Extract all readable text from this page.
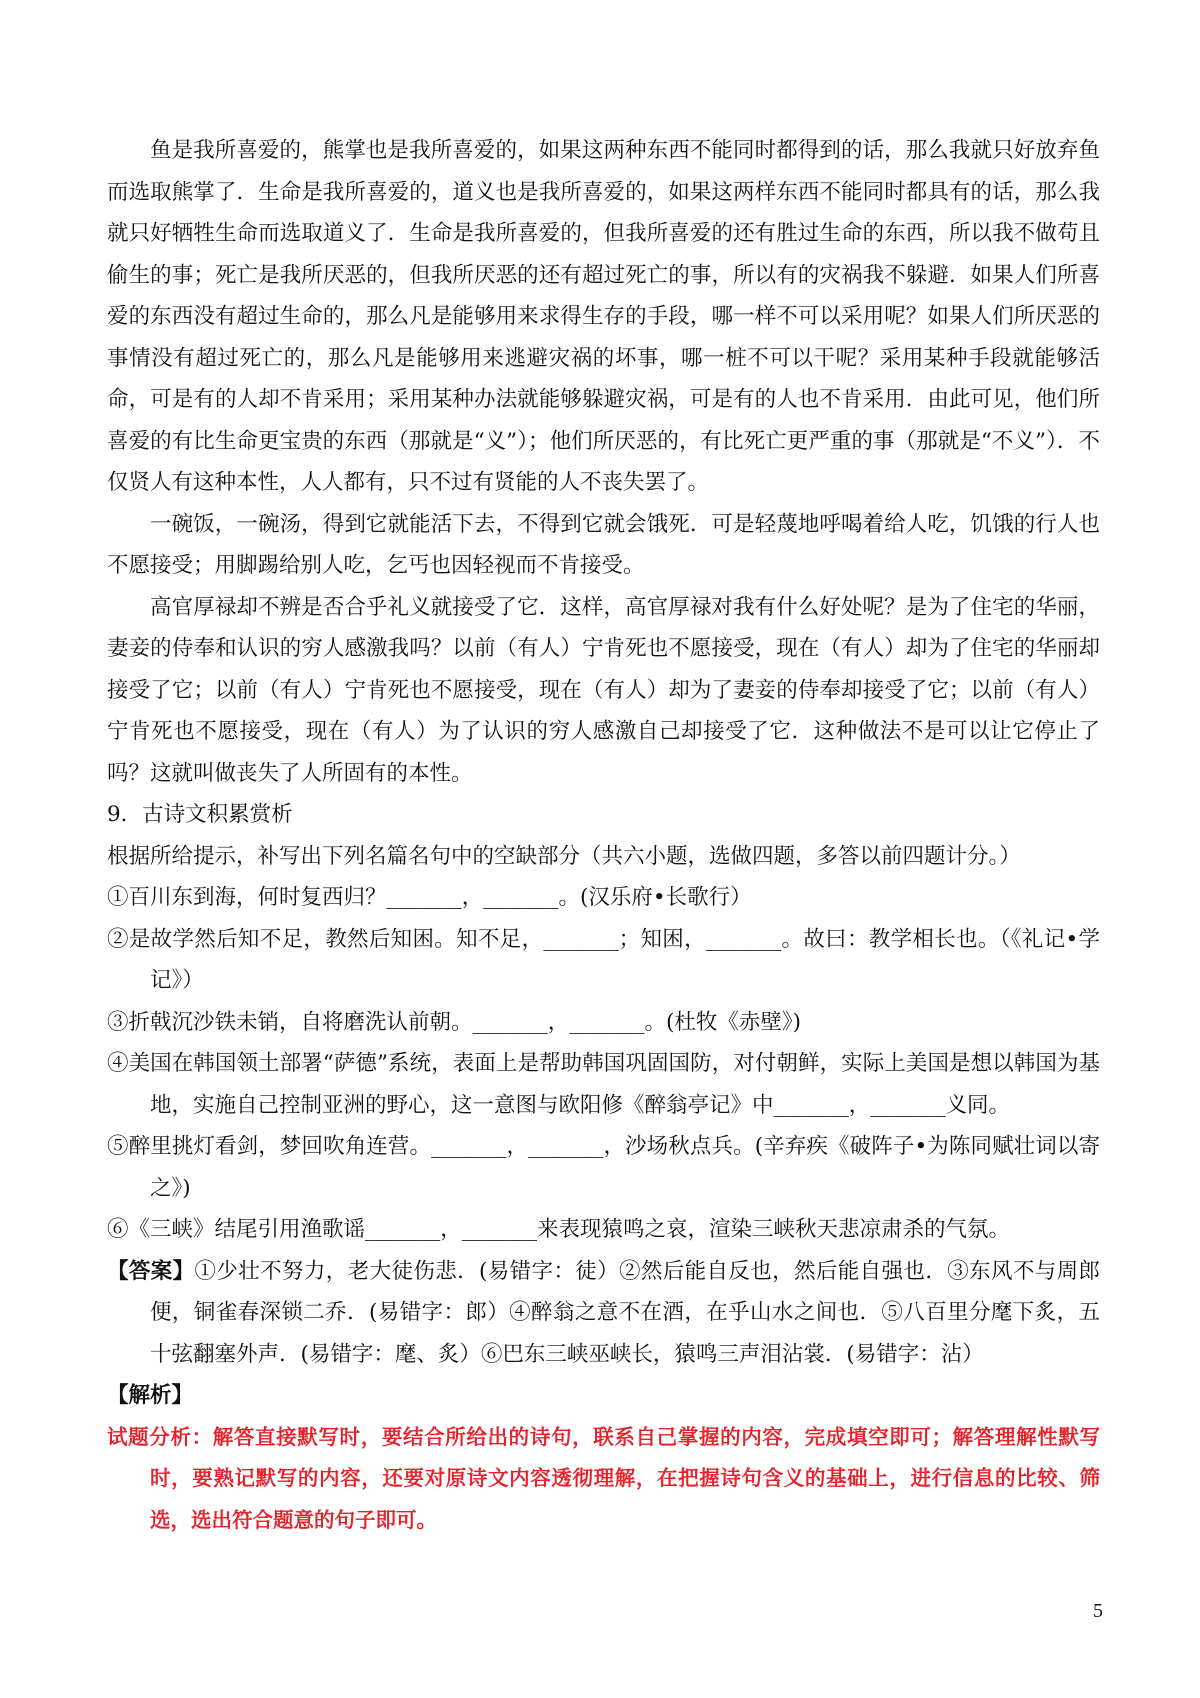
鱼是我所喜爱的，熊掌也是我所喜爱的，如果这两种东西不能同时都得到的话，那么我就只好放弃鱼而选取熊掌了．生命是我所喜爱的，道义也是我所喜爱的，如果这两样东西不能同时都具有的话，那么我就只好牺牲生命而选取道义了．生命是我所喜爱的，但我所喜爱的还有胜过生命的东西，所以我不做苟且偷生的事；死亡是我所厌恶的，但我所厌恶的还有超过死亡的事，所以有的灾祸我不躲避．如果人们所喜爱的东西没有超过生命的，那么凡是能够用来求得生存的手段，哪一样不可以采用呢？如果人们所厌恶的事情没有超过死亡的，那么凡是能够用来逃避灾祸的坏事，哪一桩不可以干呢？采用某种手段就能够活命，可是有的人却不肯采用；采用某种办法就能够躲避灾祸，可是有的人也不肯采用．由此可见，他们所喜爱的有比生命更宝贵的东西（那就是“义”）；他们所厌恶的，有比死亡更严重的事（那就是“不义”）．不仅贤人有这种本性，人人都有，只不过有贤能的人不丧失罢了。

一碗饭，一碗汤，得到它就能活下去，不得到它就会饿死．可是轻蔑地呼喝着给人吃，饥饿的行人也不愿接受；用脚踢给别人吃，乞丐也因轻视而不肯接受。

高官厚禄却不辨是否合乎礼义就接受了它．这样，高官厚禄对我有什么好处呢？是为了住宅的华丽，妻妾的侍奉和认识的穷人感激我吗？以前（有人）宁肯死也不愿接受，现在（有人）却为了住宅的华丽却接受了它；以前（有人）宁肯死也不愿接受，现在（有人）却为了妻妾的侍奉却接受了它；以前（有人）宁肯死也不愿接受，现在（有人）为了认识的穷人感激自己却接受了它．这种做法不是可以让它停止了吗？这就叫做丧失了人所固有的本性。

9．古诗文积累赏析

根据所给提示，补写出下列名篇名句中的空缺部分（共六小题，选做四题，多答以前四题计分。）

①百川东到海，何时复西归？_______，_______。(汉乐府•长歌行）

②是故学然后知不足，教然后知困。知不足，_______；知困，_______。故曰：教学相长也。（《礼记•学记》）

③折戟沉沙铁未销，自将磨洗认前朝。_______，_______。(杜牧《赤壁》)

④美国在韩国领土部署“萨德”系统，表面上是帮助韩国巩固国防，对付朝鲜，实际上美国是想以韩国为基地，实施自己控制亚洲的野心，这一意图与欧阳修《醉翁亭记》中_______，_______义同。

⑤醉里挑灯看剑，梦回吹角连营。_______，_______，沙场秋点兵。(辛弃疾《破阵子•为陈同赋壮词以寄之》)

⑥《三峡》结尾引用渔歌谣_______，_______来表现猿鸣之哀，渲染三峡秋天悲凉肃杀的气氛。

【答案】①少壮不努力，老大徒伤悲．(易错字：徒）②然后能自反也，然后能自强也．③东风不与周郎便，铜雀春深锁二乔．(易错字：郎）④醉翁之意不在酒，在乎山水之间也．⑤八百里分麾下炙，五十弦翻塞外声．(易错字：麾、炙）⑥巴东三峡巫峡长，猿鸣三声泪沾裳．(易错字：沾）

【解析】

试题分析：解答直接默写时，要结合所给出的诗句，联系自己掌握的内容，完成填空即可；解答理解性默写时，要熟记默写的内容，还要对原诗文内容透彻理解，在把握诗句含义的基础上，进行信息的比较、筛选，选出符合题意的句子即可。

5
